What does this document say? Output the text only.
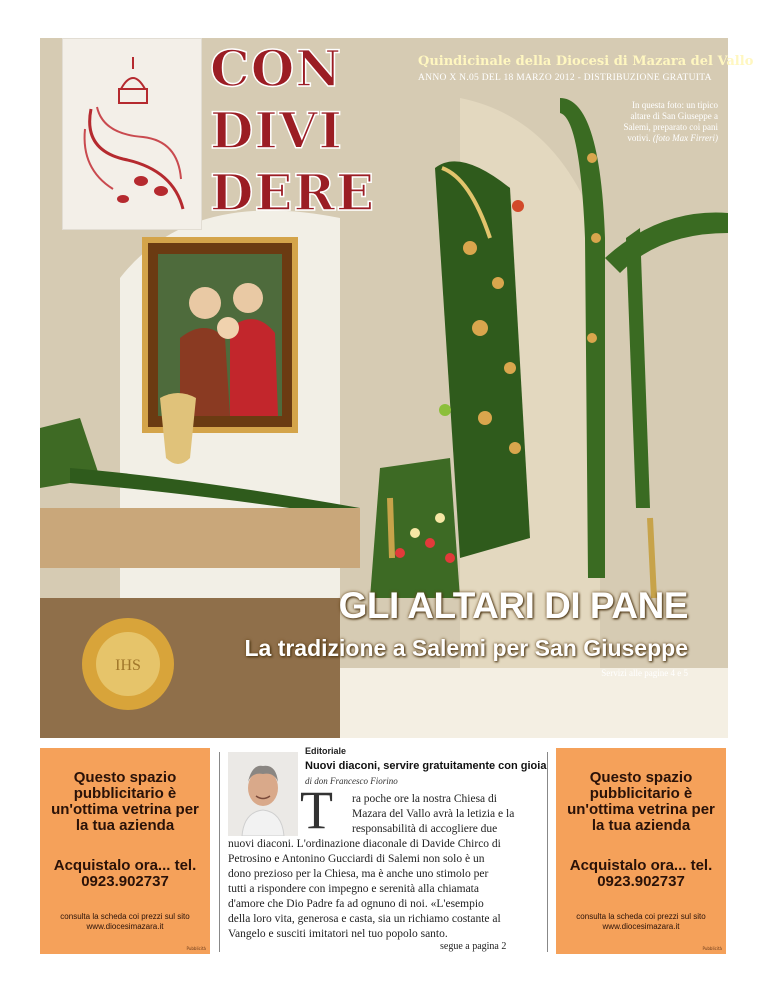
IHS
CON
DIVI
DERE
Quindicinale della Diocesi di Mazara del Vallo
ANNO X N.05 DEL 18 MARZO 2012 - DISTRIBUZIONE GRATUITA
In questa foto: un tipico altare di San Giuseppe a Salemi, preparato coi pani votivi. (foto Max Firreri)
GLI ALTARI DI PANE
La tradizione a Salemi per San Giuseppe
Servizi alle pagine 4 e 5
Questo spazio pubblicitario è un'ottima vetrina per la tua azienda
Acquistalo ora... tel. 0923.902737
consulta la scheda coi prezzi sul sito www.diocesimazara.it
Pubblicità
Questo spazio pubblicitario è un'ottima vetrina per la tua azienda
Acquistalo ora... tel. 0923.902737
consulta la scheda coi prezzi sul sito www.diocesimazara.it
Pubblicità
Editoriale
Nuovi diaconi, servire gratuitamente con gioia
di don Francesco Fiorino
T	ra poche ore la nostra Chiesa di
Mazara del Vallo avrà la letizia e la
responsabilità di accogliere due
nuovi diaconi. L'ordinazione diaconale di Davide Chirco di
Petrosino e Antonino Gucciardi di Salemi non solo è un
dono prezioso per la Chiesa, ma è anche uno stimolo per
tutti a rispondere con impegno e serenità alla chiamata
d'amore che Dio Padre fa ad ognuno di noi. «L'esempio
della loro vita, generosa e casta, sia un richiamo costante al
Vangelo e susciti imitatori nel tuo popolo santo.
segue a pagina 2
